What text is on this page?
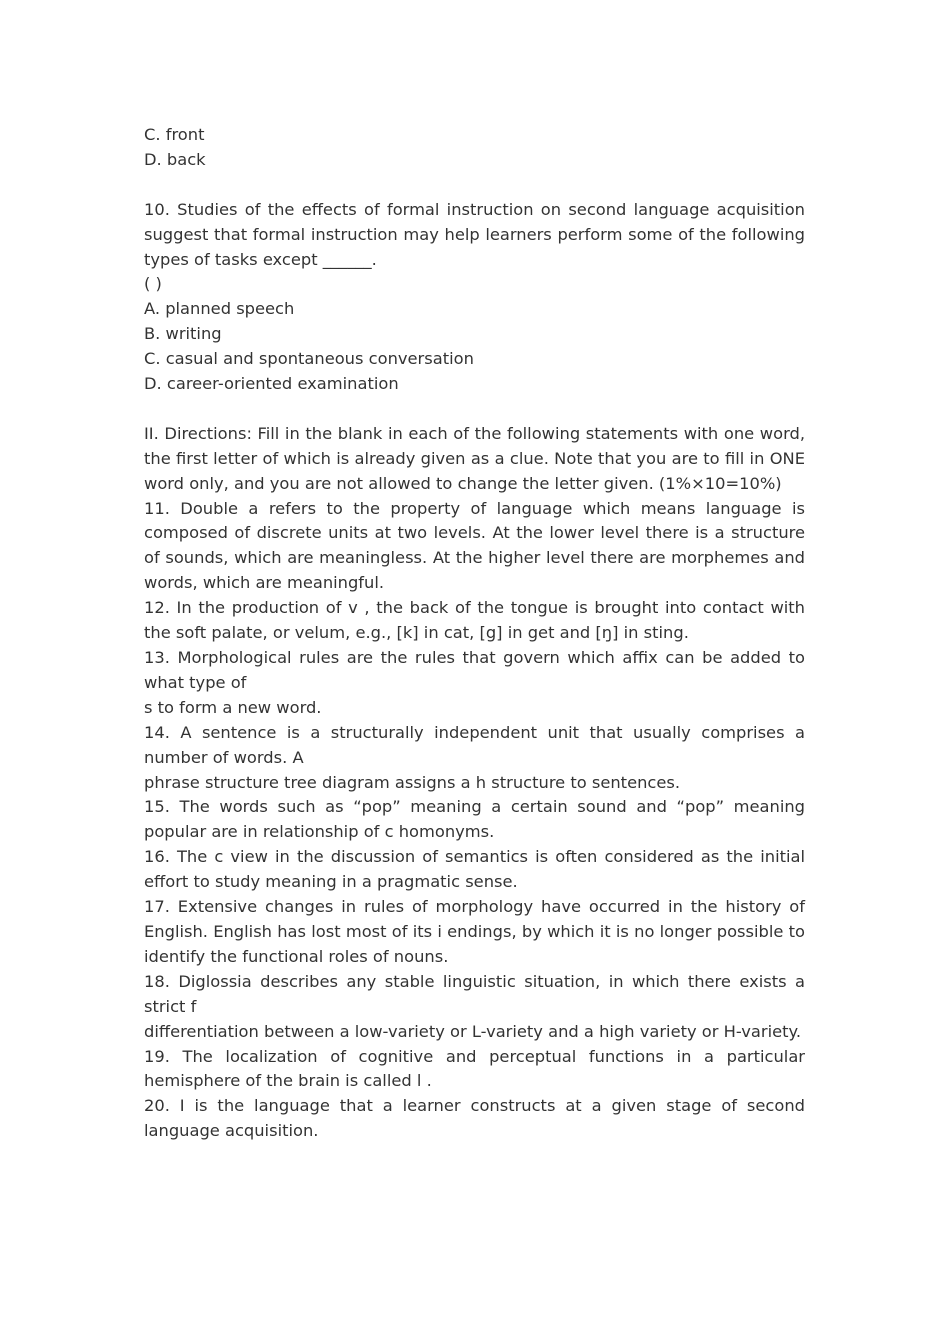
C. front
D. back
10. Studies of the effects of formal instruction on second language acquisition suggest that formal instruction may help learners perform some of the following types of tasks except ______.
( )
A. planned speech
B. writing
C. casual and spontaneous conversation
D. career-oriented examination
II. Directions: Fill in the blank in each of the following statements with one word, the first letter of which is already given as a clue. Note that you are to fill in ONE word only, and you are not allowed to change the letter given. (1%×10=10%)
11. Double a refers to the property of language which means language is composed of discrete units at two levels. At the lower level there is a structure of sounds, which are meaningless. At the higher level there are morphemes and words, which are meaningful.
12. In the production of v , the back of the tongue is brought into contact with the soft palate, or velum, e.g., [k] in cat, [g] in get and [ŋ] in sting.
13. Morphological rules are the rules that govern which affix can be added to what type of
s to form a new word.
14. A sentence is a structurally independent unit that usually comprises a number of words. A
phrase structure tree diagram assigns a h structure to sentences.
15. The words such as “pop” meaning a certain sound and “pop” meaning popular are in relationship of c homonyms.
16. The c view in the discussion of semantics is often considered as the initial effort to study meaning in a pragmatic sense.
17. Extensive changes in rules of morphology have occurred in the history of English. English has lost most of its i endings, by which it is no longer possible to identify the functional roles of nouns.
18. Diglossia describes any stable linguistic situation, in which there exists a strict f
differentiation between a low-variety or L-variety and a high variety or H-variety.
19. The localization of cognitive and perceptual functions in a particular hemisphere of the brain is called l .
20. I is the language that a learner constructs at a given stage of second language acquisition.
